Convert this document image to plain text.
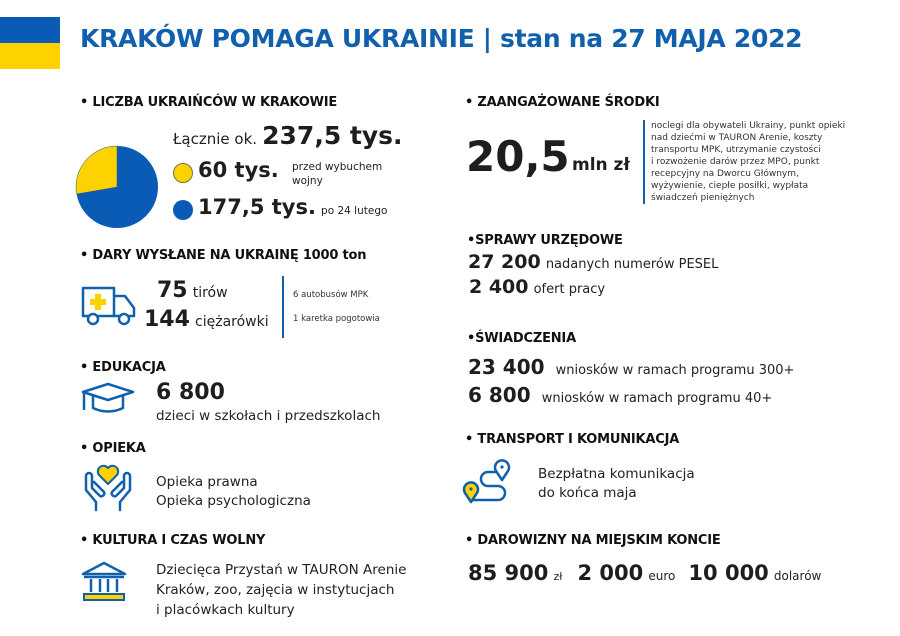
KRAKÓW POMAGA UKRAINIE | stan na 27 MAJA 2022
• LICZBA UKRAIŃCÓW W KRAKOWIE
Łącznie ok. 237,5 tys.
60 tys. przed wybuchem
wojny
177,5 tys. po 24 lutego
• ZAANGAŻOWANE ŚRODKI
20,5 mln zł
noclegi dla obywateli Ukrainy, punkt opieki
nad dziećmi w TAURON Arenie, koszty
transportu MPK, utrzymanie czystości
i rozwożenie darów przez MPO, punkt
recepcyjny na Dworcu Głównym,
wyżywienie, ciepłe posiłki, wypłata
świadczeń pieniężnych
• DARY WYSŁANE NA UKRAINĘ 1000 ton
75 tirów
144 ciężarówki
6 autobusów MPK
1 karetka pogotowia
•SPRAWY URZĘDOWE
27 200 nadanych numerów PESEL
2 400 ofert pracy
• EDUKACJA
6 800
dzieci w szkołach i przedszkolach
•ŚWIADCZENIA
23 400 wniosków w ramach programu 300+
6 800 wniosków w ramach programu 40+
• OPIEKA
Opieka prawna
Opieka psychologiczna
• TRANSPORT I KOMUNIKACJA
Bezpłatna komunikacja
do końca maja
• KULTURA I CZAS WOLNY
Dziecięca Przystań w TAURON Arenie
Kraków, zoo, zajęcia w instytucjach
i placówkach kultury
• DAROWIZNY NA MIEJSKIM KONCIE
85 900 zł 2 000 euro 10 000 dolarów
